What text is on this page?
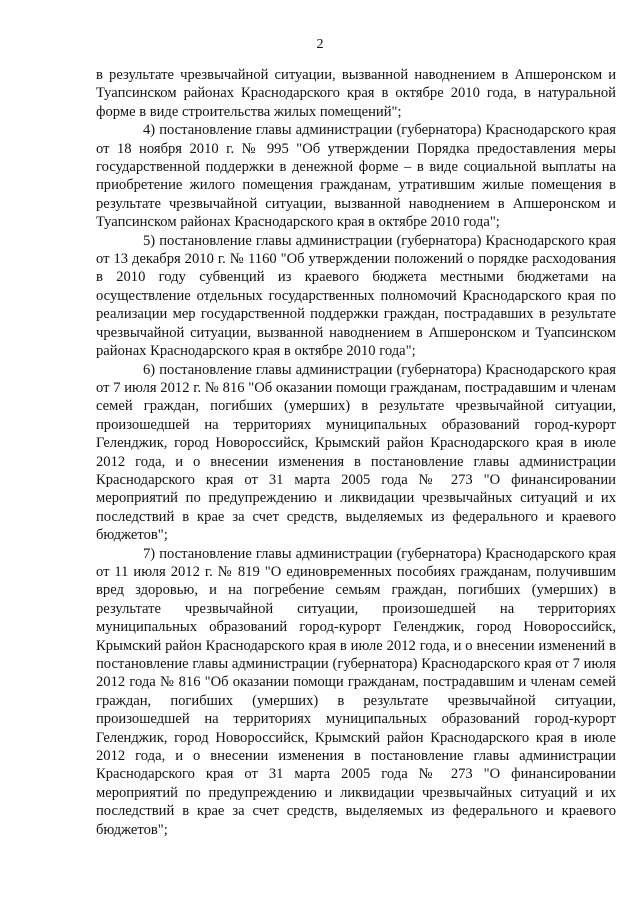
2

в результате чрезвычайной ситуации, вызванной наводнением в Апшеронском и Туапсинском районах Краснодарского края в октябре 2010 года, в натуральной форме в виде строительства жилых помещений";

4) постановление главы администрации (губернатора) Краснодарского края от 18 ноября 2010 г. № 995 "Об утверждении Порядка предоставления меры государственной поддержки в денежной форме – в виде социальной выплаты на приобретение жилого помещения гражданам, утратившим жилые помещения в результате чрезвычайной ситуации, вызванной наводнением в Апшеронском и Туапсинском районах Краснодарского края в октябре 2010 года";

5) постановление главы администрации (губернатора) Краснодарского края от 13 декабря 2010 г. № 1160 "Об утверждении положений о порядке расходования в 2010 году субвенций из краевого бюджета местными бюджетами на осуществление отдельных государственных полномочий Краснодарского края по реализации мер государственной поддержки граждан, пострадавших в результате чрезвычайной ситуации, вызванной наводнением в Апшеронском и Туапсинском районах Краснодарского края в октябре 2010 года";

6) постановление главы администрации (губернатора) Краснодарского края от 7 июля 2012 г. № 816 "Об оказании помощи гражданам, пострадавшим и членам семей граждан, погибших (умерших) в результате чрезвычайной ситуации, произошедшей на территориях муниципальных образований город-курорт Геленджик, город Новороссийск, Крымский район Краснодарского края в июле 2012 года, и о внесении изменения в постановление главы администрации Краснодарского края от 31 марта 2005 года № 273 "О финансировании мероприятий по предупреждению и ликвидации чрезвычайных ситуаций и их последствий в крае за счет средств, выделяемых из федерального и краевого бюджетов";

7) постановление главы администрации (губернатора) Краснодарского края от 11 июля 2012 г. № 819 "О единовременных пособиях гражданам, получившим вред здоровью, и на погребение семьям граждан, погибших (умерших) в результате чрезвычайной ситуации, произошедшей на территориях муниципальных образований город-курорт Геленджик, город Новороссийск, Крымский район Краснодарского края в июле 2012 года, и о внесении изменений в постановление главы администрации (губернатора) Краснодарского края от 7 июля 2012 года № 816 "Об оказании помощи гражданам, пострадавшим и членам семей граждан, погибших (умерших) в результате чрезвычайной ситуации, произошедшей на территориях муниципальных образований город-курорт Геленджик, город Новороссийск, Крымский район Краснодарского края в июле 2012 года, и о внесении изменения в постановление главы администрации Краснодарского края от 31 марта 2005 года № 273 "О финансировании мероприятий по предупреждению и ликвидации чрезвычайных ситуаций и их последствий в крае за счет средств, выделяемых из федерального и краевого бюджетов";
